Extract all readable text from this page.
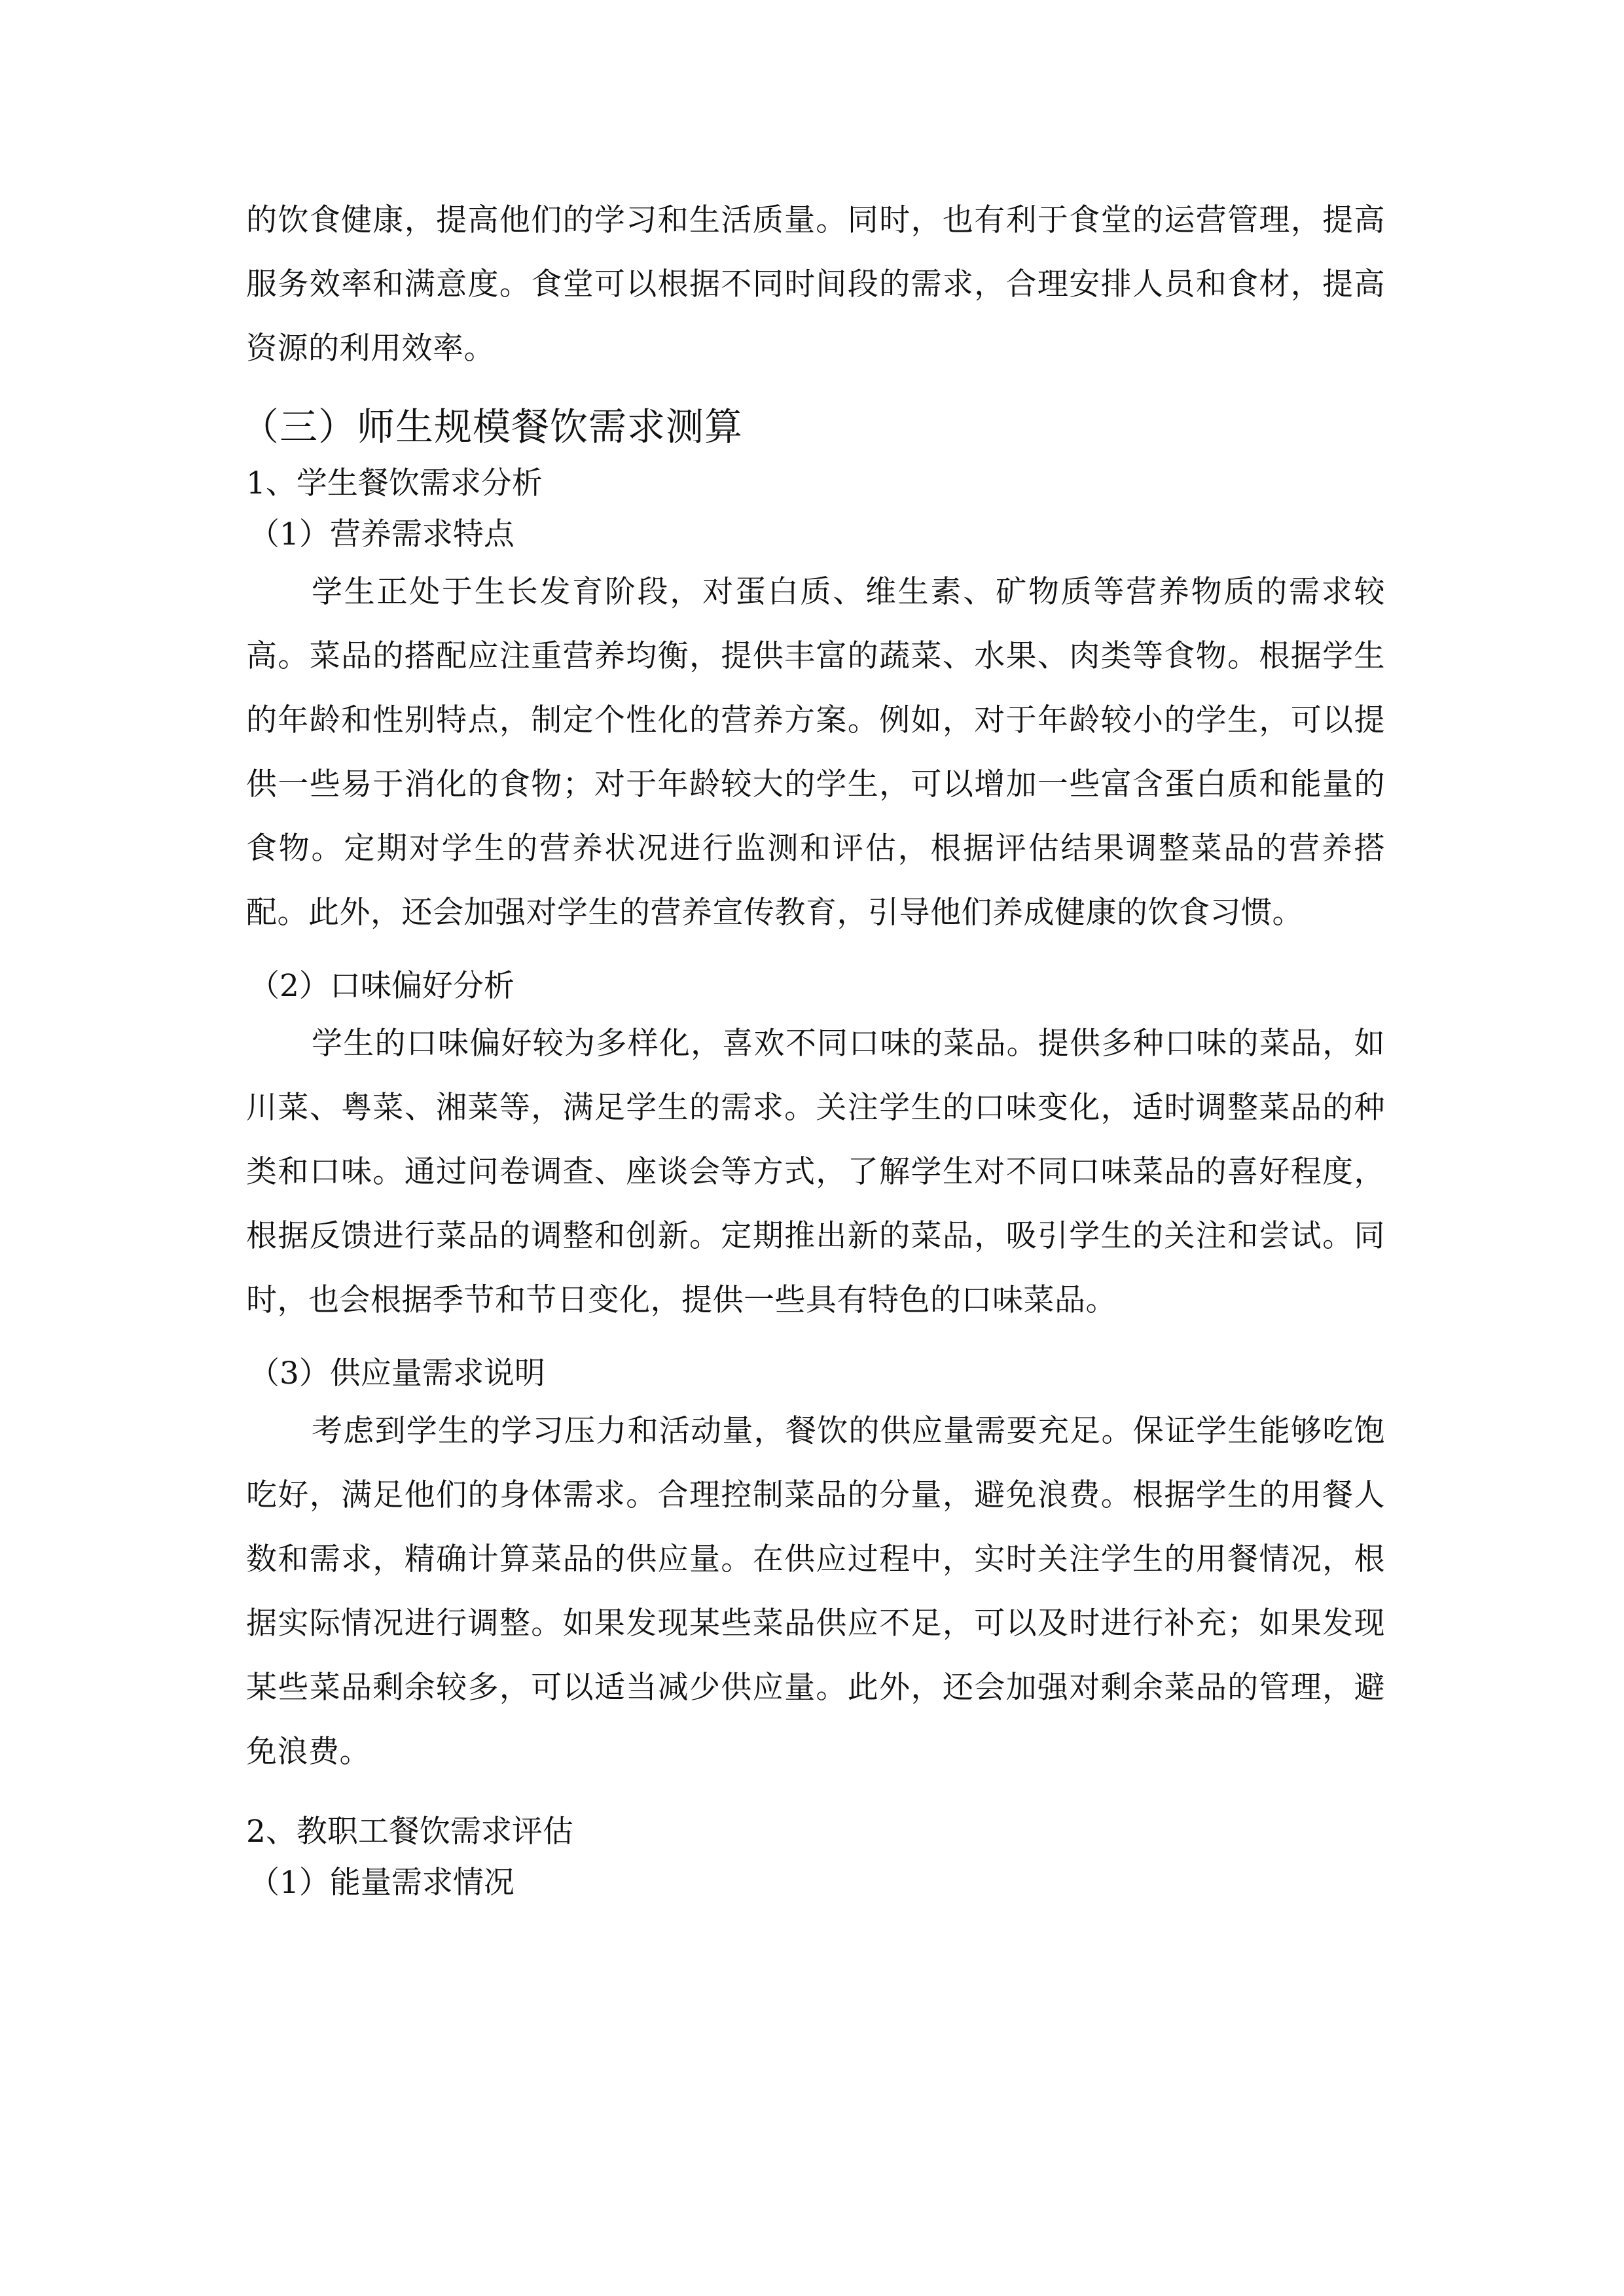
的饮食健康，提高他们的学习和生活质量。同时，也有利于食堂的运营管理，提高服务效率和满意度。食堂可以根据不同时间段的需求，合理安排人员和食材，提高资源的利用效率。

（三）师生规模餐饮需求测算
1、学生餐饮需求分析
（1）营养需求特点

学生正处于生长发育阶段，对蛋白质、维生素、矿物质等营养物质的需求较高。菜品的搭配应注重营养均衡，提供丰富的蔬菜、水果、肉类等食物。根据学生的年龄和性别特点，制定个性化的营养方案。例如，对于年龄较小的学生，可以提供一些易于消化的食物；对于年龄较大的学生，可以增加一些富含蛋白质和能量的食物。定期对学生的营养状况进行监测和评估，根据评估结果调整菜品的营养搭配。此外，还会加强对学生的营养宣传教育，引导他们养成健康的饮食习惯。

（2）口味偏好分析

学生的口味偏好较为多样化，喜欢不同口味的菜品。提供多种口味的菜品，如川菜、粤菜、湘菜等，满足学生的需求。关注学生的口味变化，适时调整菜品的种类和口味。通过问卷调查、座谈会等方式，了解学生对不同口味菜品的喜好程度，根据反馈进行菜品的调整和创新。定期推出新的菜品，吸引学生的关注和尝试。同时，也会根据季节和节日变化，提供一些具有特色的口味菜品。

（3）供应量需求说明

考虑到学生的学习压力和活动量，餐饮的供应量需要充足。保证学生能够吃饱吃好，满足他们的身体需求。合理控制菜品的分量，避免浪费。根据学生的用餐人数和需求，精确计算菜品的供应量。在供应过程中，实时关注学生的用餐情况，根据实际情况进行调整。如果发现某些菜品供应不足，可以及时进行补充；如果发现某些菜品剩余较多，可以适当减少供应量。此外，还会加强对剩余菜品的管理，避免浪费。

2、教职工餐饮需求评估
（1）能量需求情况
